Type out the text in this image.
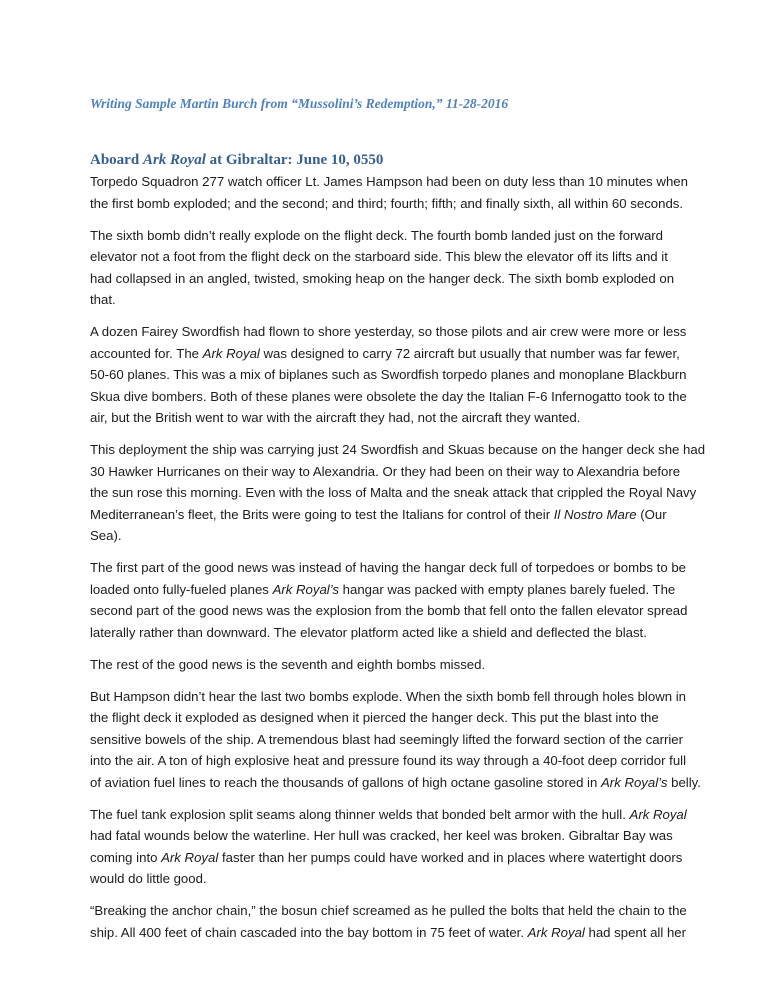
Writing Sample Martin Burch from “Mussolini’s Redemption,” 11-28-2016
Aboard Ark Royal at Gibraltar: June 10, 0550

Torpedo Squadron 277 watch officer Lt. James Hampson had been on duty less than 10 minutes when
the first bomb exploded; and the second; and third; fourth; fifth; and finally sixth, all within 60 seconds.

The sixth bomb didn’t really explode on the flight deck. The fourth bomb landed just on the forward
elevator not a foot from the flight deck on the starboard side. This blew the elevator off its lifts and it
had collapsed in an angled, twisted, smoking heap on the hanger deck. The sixth bomb exploded on
that.

A dozen Fairey Swordfish had flown to shore yesterday, so those pilots and air crew were more or less
accounted for. The Ark Royal was designed to carry 72 aircraft but usually that number was far fewer,
50-60 planes. This was a mix of biplanes such as Swordfish torpedo planes and monoplane Blackburn
Skua dive bombers. Both of these planes were obsolete the day the Italian F-6 Infernogatto took to the
air, but the British went to war with the aircraft they had, not the aircraft they wanted.

This deployment the ship was carrying just 24 Swordfish and Skuas because on the hanger deck she had
30 Hawker Hurricanes on their way to Alexandria. Or they had been on their way to Alexandria before
the sun rose this morning. Even with the loss of Malta and the sneak attack that crippled the Royal Navy
Mediterranean’s fleet, the Brits were going to test the Italians for control of their Il Nostro Mare (Our
Sea).

The first part of the good news was instead of having the hangar deck full of torpedoes or bombs to be
loaded onto fully-fueled planes Ark Royal’s hangar was packed with empty planes barely fueled. The
second part of the good news was the explosion from the bomb that fell onto the fallen elevator spread
laterally rather than downward. The elevator platform acted like a shield and deflected the blast.

The rest of the good news is the seventh and eighth bombs missed.

But Hampson didn’t hear the last two bombs explode. When the sixth bomb fell through holes blown in
the flight deck it exploded as designed when it pierced the hanger deck. This put the blast into the
sensitive bowels of the ship. A tremendous blast had seemingly lifted the forward section of the carrier
into the air. A ton of high explosive heat and pressure found its way through a 40-foot deep corridor full
of aviation fuel lines to reach the thousands of gallons of high octane gasoline stored in Ark Royal’s belly.

The fuel tank explosion split seams along thinner welds that bonded belt armor with the hull. Ark Royal
had fatal wounds below the waterline. Her hull was cracked, her keel was broken. Gibraltar Bay was
coming into Ark Royal faster than her pumps could have worked and in places where watertight doors
would do little good.

“Breaking the anchor chain,” the bosun chief screamed as he pulled the bolts that held the chain to the
ship. All 400 feet of chain cascaded into the bay bottom in 75 feet of water. Ark Royal had spent all her
